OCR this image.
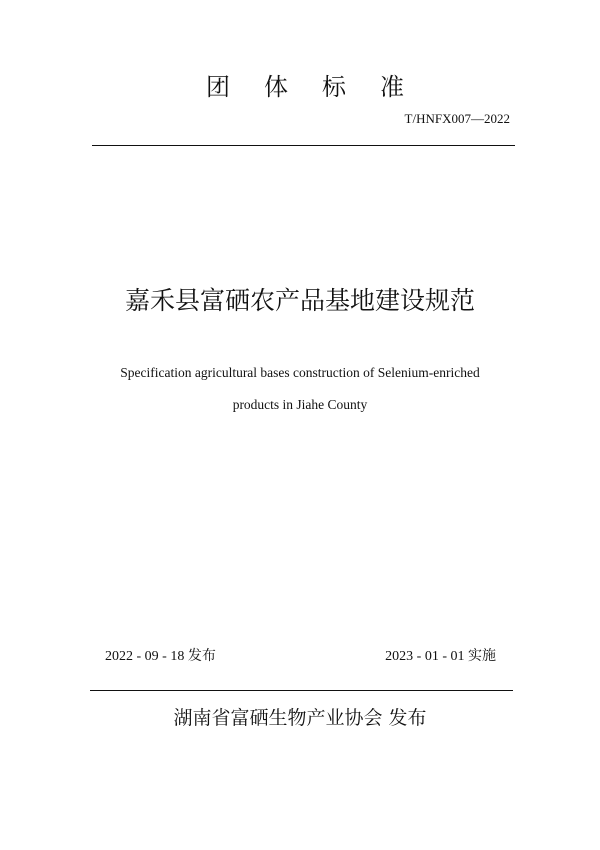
团体标准
T/HNFX007—2022
嘉禾县富硒农产品基地建设规范
Specification agricultural bases construction of Selenium-enriched
products in Jiahe County
2022 - 09 - 18 发布	2023 - 01 - 01 实施
湖南省富硒生物产业协会 发布
